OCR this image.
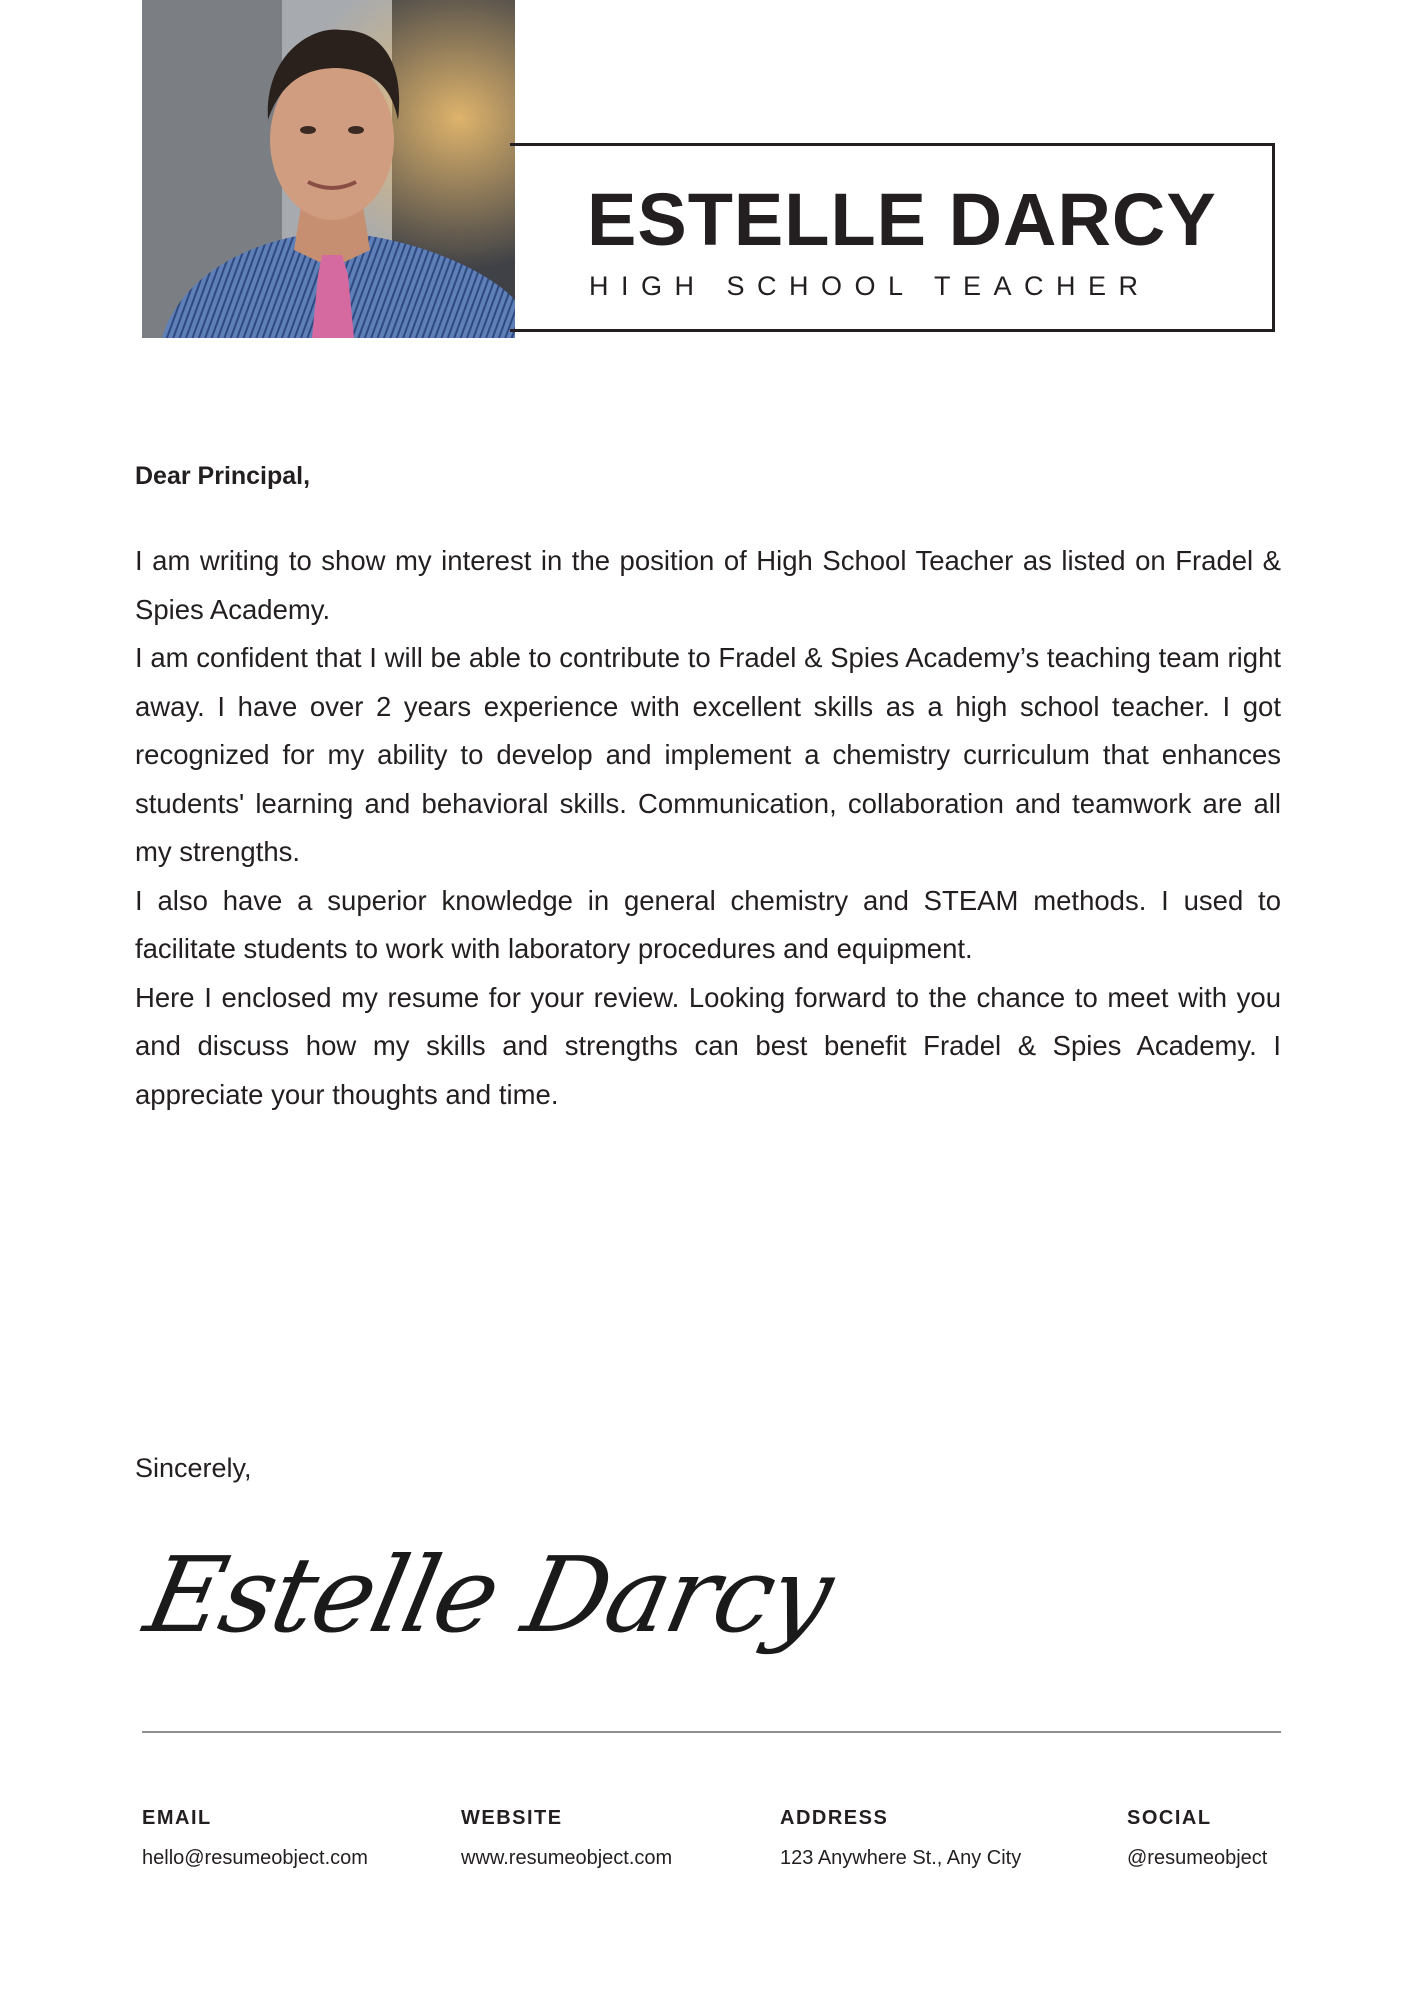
ESTELLE DARCY

HIGH SCHOOL TEACHER

Dear Principal,

I am writing to show my interest in the position of High School Teacher as listed on Fradel & Spies Academy.

I am confident that I will be able to contribute to Fradel & Spies Academy’s teaching team right away. I have over 2 years experience with excellent skills as a high school teacher. I got recognized for my ability to develop and implement a chemistry curriculum that enhances students' learning and behavioral skills. Communication, collaboration and teamwork are all my strengths.

I also have a superior knowledge in general chemistry and STEAM methods. I used to facilitate students to work with laboratory procedures and equipment.

Here I enclosed my resume for your review. Looking forward to the chance to meet with you and discuss how my skills and strengths can best benefit Fradel & Spies Academy. I appreciate your thoughts and time.

Sincerely,

Estelle Darcy

EMAIL

hello@resumeobject.com

WEBSITE

www.resumeobject.com

ADDRESS

123 Anywhere St., Any City

SOCIAL

@resumeobject
